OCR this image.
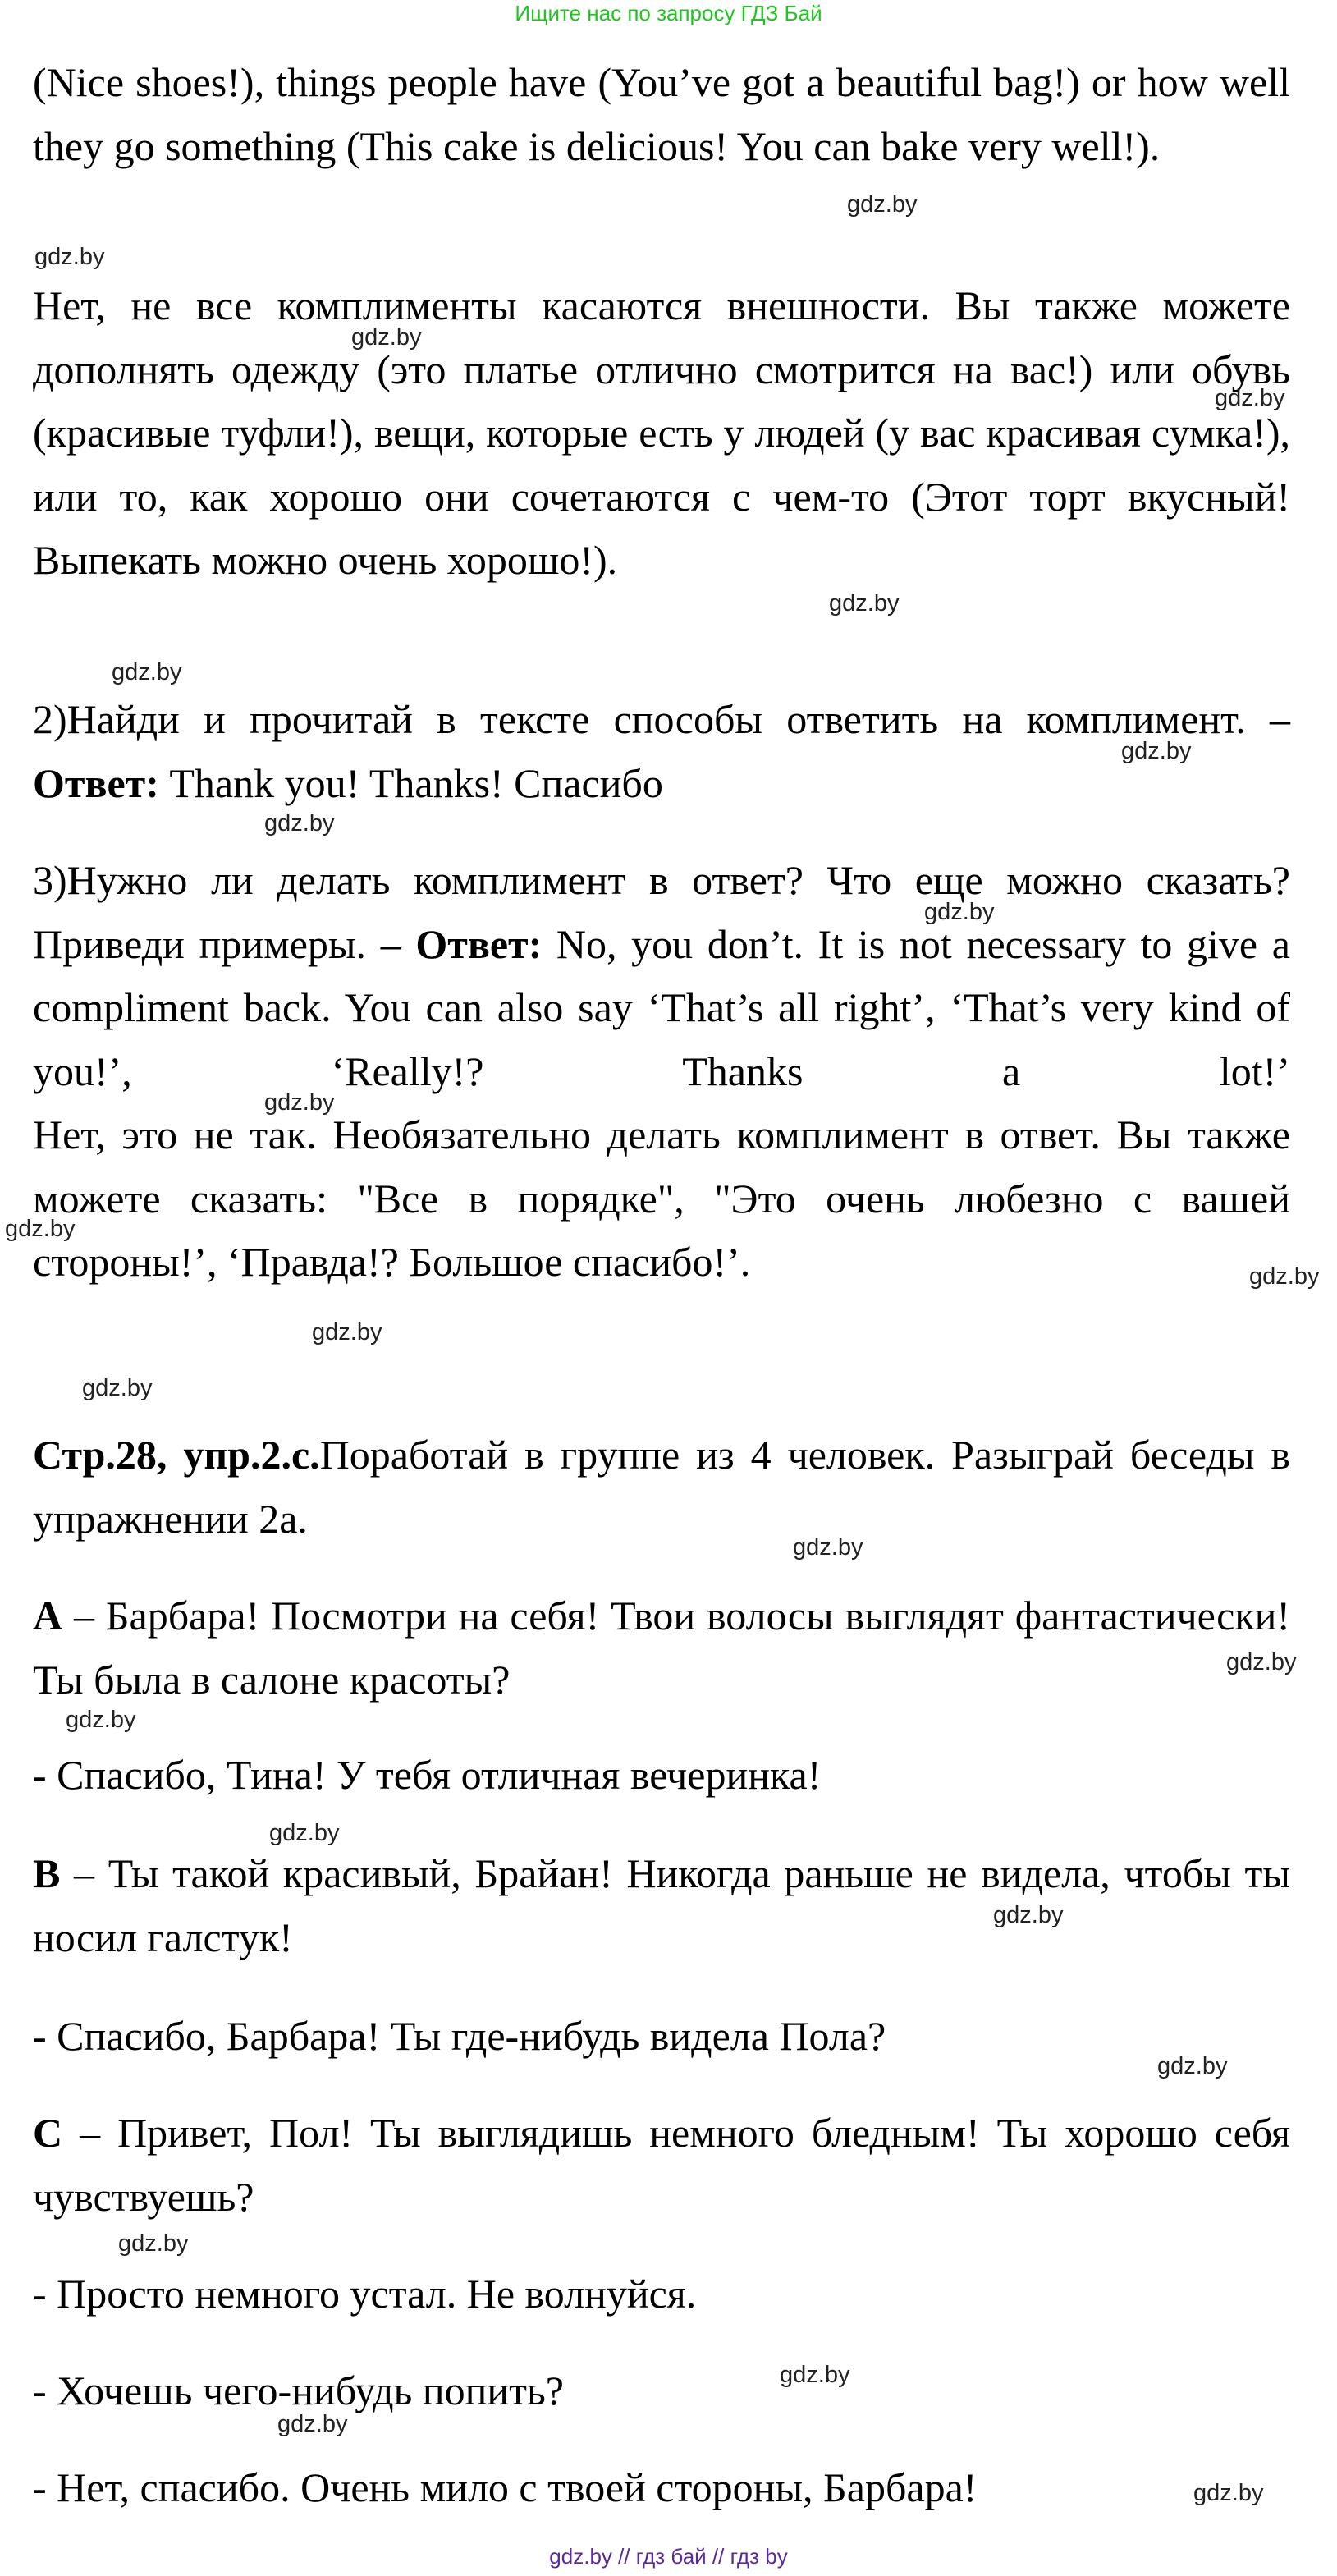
Ищите нас по запросу ГДЗ Бай

(Nice shoes!), things people have (You’ve got a beautiful bag!) or how well they go something (This cake is delicious! You can bake very well!).

Нет, не все комплименты касаются внешности. Вы также можете дополнять одежду (это платье отлично смотрится на вас!) или обувь (красивые туфли!), вещи, которые есть у людей (у вас красивая сумка!), или то, как хорошо они сочетаются с чем-то (Этот торт вкусный! Выпекать можно очень хорошо!).

2)Найди и прочитай в тексте способы ответить на комплимент. – Ответ: Thank you! Thanks! Спасибо

3)Нужно ли делать комплимент в ответ? Что еще можно сказать? Приведи примеры. – Ответ: No, you don’t. It is not necessary to give a compliment back. You can also say ‘That’s all right’, ‘That’s very kind of you!’, ‘Really!? Thanks a lot!’

Нет, это не так. Необязательно делать комплимент в ответ. Вы также можете сказать: "Все в порядке", "Это очень любезно с вашей стороны!’, ‘Правда!? Большое спасибо!’.

Стр.28, упр.2.с.Поработай в группе из 4 человек. Разыграй беседы в упражнении 2a.

A – Барбара! Посмотри на себя! Твои волосы выглядят фантастически! Ты была в салоне красоты?

- Спасибо, Тина! У тебя отличная вечеринка!

B – Ты такой красивый, Брайан! Никогда раньше не видела, чтобы ты носил галстук!

- Спасибо, Барбара! Ты где-нибудь видела Пола?

C – Привет, Пол! Ты выглядишь немного бледным! Ты хорошо себя чувствуешь?

- Просто немного устал. Не волнуйся.

- Хочешь чего-нибудь попить?

- Нет, спасибо. Очень мило с твоей стороны, Барбара!

gdz.by
gdz.by
gdz.by
gdz.by
gdz.by
gdz.by
gdz.by
gdz.by
gdz.by
gdz.by
gdz.by
gdz.by
gdz.by
gdz.by
gdz.by
gdz.by
gdz.by
gdz.by
gdz.by
gdz.by
gdz.by
gdz.by
gdz.by
gdz.by
gdz.by // гдз бай // гдз by
